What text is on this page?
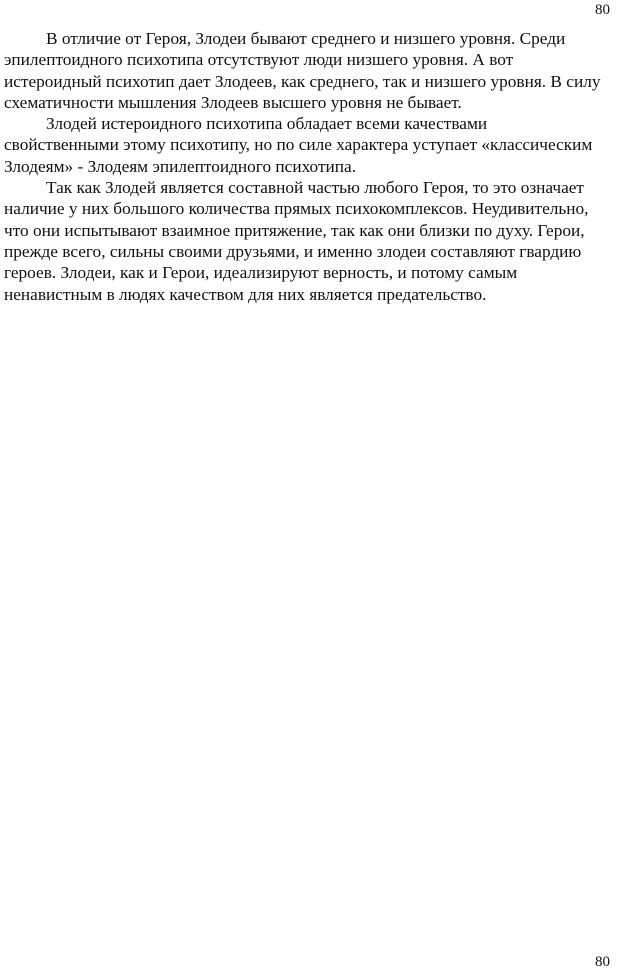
80
В отличие от Героя, Злодеи бывают среднего и низшего уровня. Среди
эпилептоидного психотипа отсутствуют люди низшего уровня. А вот
истероидный психотип дает Злодеев, как среднего, так и низшего уровня. В силу
схематичности мышления Злодеев высшего уровня не бывает.
Злодей истероидного психотипа обладает всеми качествами
свойственными этому психотипу, но по силе характера уступает «классическим
Злодеям» - Злодеям эпилептоидного психотипа.
Так как Злодей является составной частью любого Героя, то это означает
наличие у них большого количества прямых психокомплексов. Неудивительно,
что они испытывают взаимное притяжение, так как они близки по духу. Герои,
прежде всего, сильны своими друзьями, и именно злодеи составляют гвардию
героев. Злодеи, как и Герои, идеализируют верность, и потому самым
ненавистным в людях качеством для них является предательство.
80
